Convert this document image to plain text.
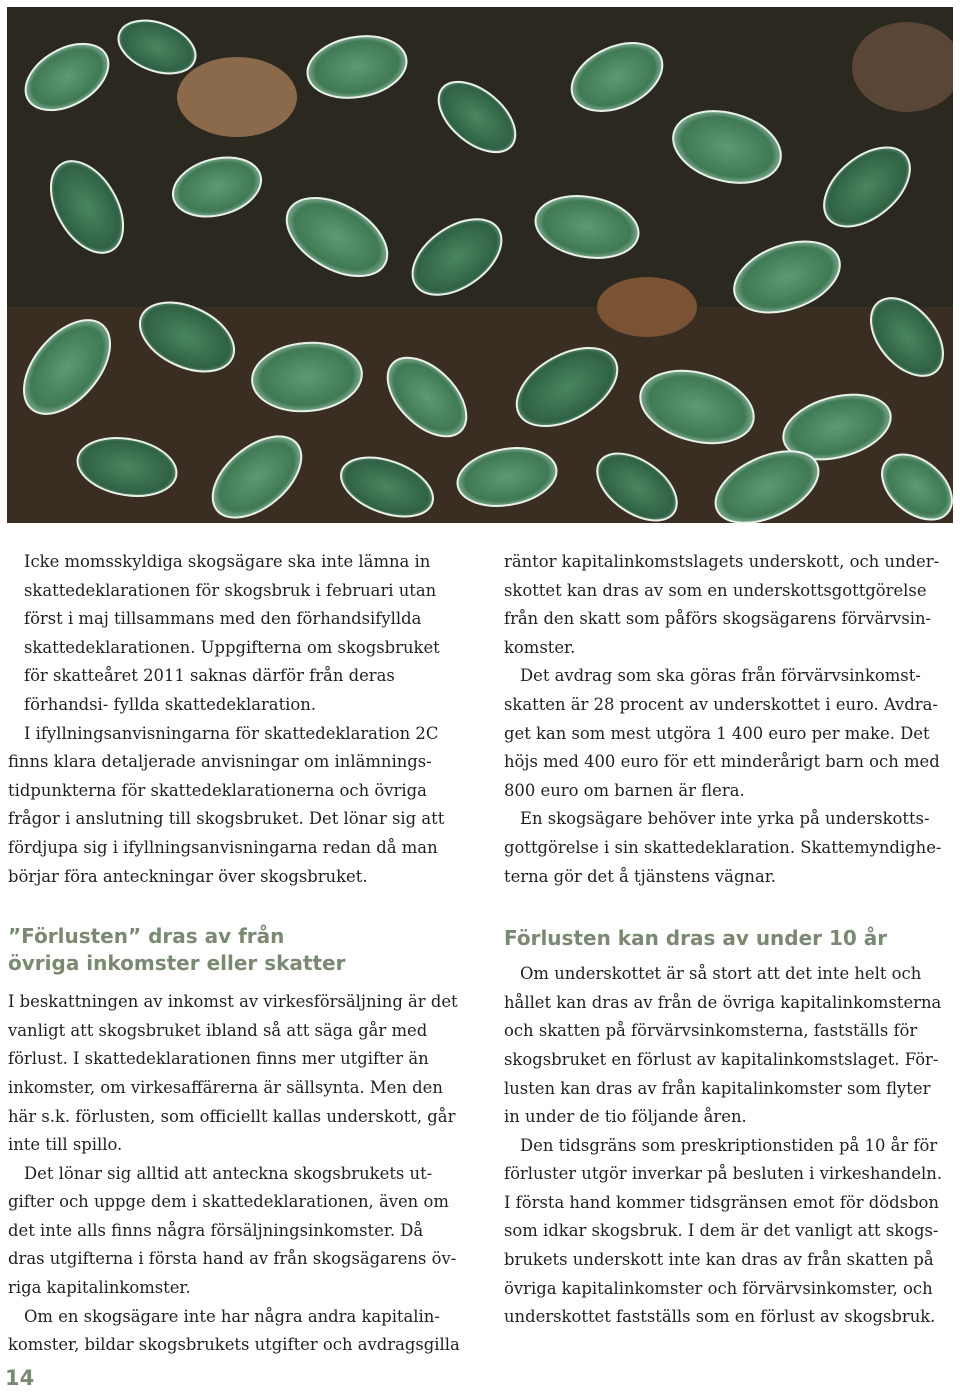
Icke momsskyldiga skogsägare ska inte lämna in skattedeklarationen för skogsbruk i februari utan först i maj tillsammans med den förhandsifyllda skattedeklarationen. Uppgifterna om skogsbruket för skatteåret 2011 saknas därför från deras förhandsi- fyllda skattedeklaration.

I ifyllningsanvisningarna för skattedeklaration 2C finns klara detaljerade anvisningar om inlämnings- tidpunkterna för skattedeklarationerna och övriga frågor i anslutning till skogsbruket. Det lönar sig att fördjupa sig i ifyllningsanvisningarna redan då man börjar föra anteckningar över skogsbruket.

”Förlusten” dras av från
övriga inkomster eller skatter

I beskattningen av inkomst av virkesförsäljning är det vanligt att skogsbruket ibland så att säga går med förlust. I skattedeklarationen finns mer utgifter än inkomster, om virkesaffärerna är sällsynta. Men den här s.k. förlusten, som officiellt kallas underskott, går inte till spillo.

Det lönar sig alltid att anteckna skogsbrukets ut- gifter och uppge dem i skattedeklarationen, även om det inte alls finns några försäljningsinkomster. Då dras utgifterna i första hand av från skogsägarens öv- riga kapitalinkomster.

Om en skogsägare inte har några andra kapitalin- komster, bildar skogsbrukets utgifter och avdragsgilla

räntor kapitalinkomstslagets underskott, och under- skottet kan dras av som en underskottsgottgörelse från den skatt som påförs skogsägarens förvärvsin- komster.

Det avdrag som ska göras från förvärvsinkomst- skatten är 28 procent av underskottet i euro. Avdra- get kan som mest utgöra 1 400 euro per make. Det höjs med 400 euro för ett minderårigt barn och med 800 euro om barnen är flera.

En skogsägare behöver inte yrka på underskotts- gottgörelse i sin skattedeklaration. Skattemyndighe- terna gör det å tjänstens vägnar.

Förlusten kan dras av under 10 år

Om underskottet är så stort att det inte helt och hållet kan dras av från de övriga kapitalinkomsterna och skatten på förvärvsinkomsterna, fastställs för skogsbruket en förlust av kapitalinkomstslaget. För- lusten kan dras av från kapitalinkomster som flyter in under de tio följande åren.

Den tidsgräns som preskriptionstiden på 10 år för förluster utgör inverkar på besluten i virkeshandeln. I första hand kommer tidsgränsen emot för dödsbon som idkar skogsbruk. I dem är det vanligt att skogs- brukets underskott inte kan dras av från skatten på övriga kapitalinkomster och förvärvsinkomster, och underskottet fastställs som en förlust av skogsbruk.

14
